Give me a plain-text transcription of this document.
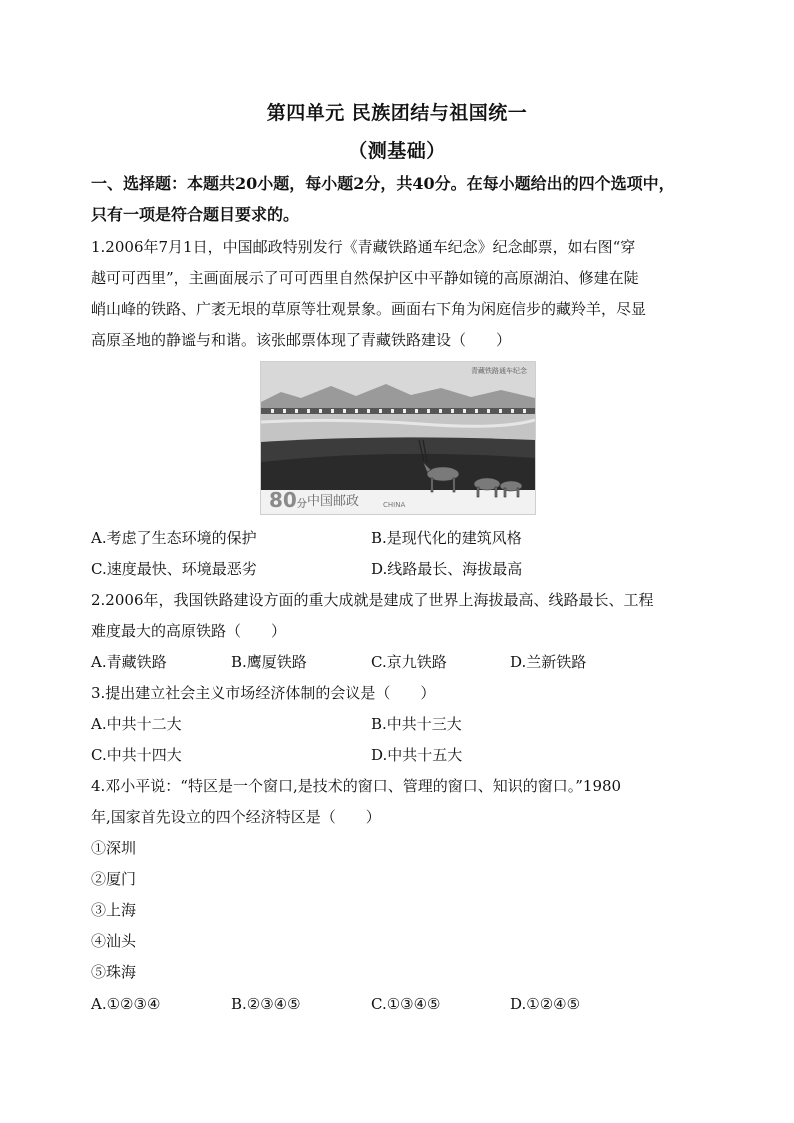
第四单元 民族团结与祖国统一
（测基础）
一、选择题：本题共20小题，每小题2分，共40分。在每小题给出的四个选项中，
只有一项是符合题目要求的。
1.2006年7月1日，中国邮政特别发行《青藏铁路通车纪念》纪念邮票，如右图“穿
越可可西里”，主画面展示了可可西里自然保护区中平静如镜的高原湖泊、修建在陡
峭山峰的铁路、广袤无垠的草原等壮观景象。画面右下角为闲庭信步的藏羚羊，尽显
高原圣地的静谧与和谐。该张邮票体现了青藏铁路建设（　　）
青藏铁路通车纪念
80分 中国邮政	CHINA
A.考虑了生态环境的保护	B.是现代化的建筑风格
C.速度最快、环境最恶劣	D.线路最长、海拔最高
2.2006年，我国铁路建设方面的重大成就是建成了世界上海拔最高、线路最长、工程
难度最大的高原铁路（　　）
A.青藏铁路	B.鹰厦铁路	C.京九铁路	D.兰新铁路
3.提出建立社会主义市场经济体制的会议是（　　）
A.中共十二大	B.中共十三大
C.中共十四大	D.中共十五大
4.邓小平说：“特区是一个窗口,是技术的窗口、管理的窗口、知识的窗口。”1980
年,国家首先设立的四个经济特区是（　　）
①深圳
②厦门
③上海
④汕头
⑤珠海
A.①②③④	B.②③④⑤	C.①③④⑤	D.①②④⑤
